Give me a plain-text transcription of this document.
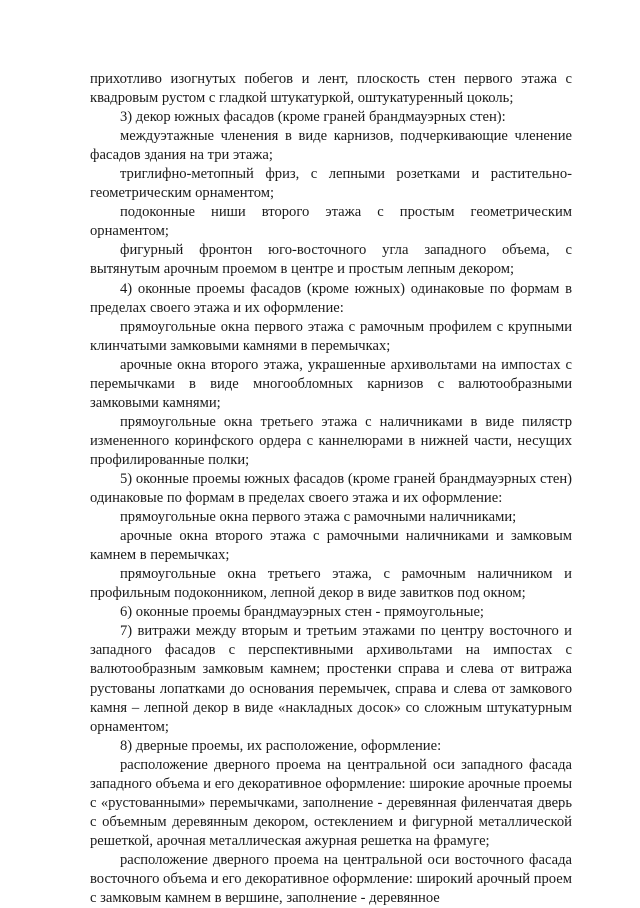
прихотливо изогнутых побегов и лент, плоскость стен первого этажа с квадровым рустом с гладкой штукатуркой, оштукатуренный цоколь;

3) декор южных фасадов (кроме граней брандмауэрных стен):

междуэтажные членения в виде карнизов, подчеркивающие членение фасадов здания на три этажа;

триглифно-метопный фриз, с лепными розетками и растительно-геометрическим орнаментом;

подоконные ниши второго этажа с простым геометрическим орнаментом;

фигурный фронтон юго-восточного угла западного объема, с вытянутым арочным проемом в центре и простым лепным декором;

4) оконные проемы фасадов (кроме южных) одинаковые по формам в пределах своего этажа и их оформление:

прямоугольные окна первого этажа с рамочным профилем с крупными клинчатыми замковыми камнями в перемычках;

арочные окна второго этажа, украшенные архивольтами на импостах с перемычками в виде многообломных карнизов с валютообразными замковыми камнями;

прямоугольные окна третьего этажа с наличниками в виде пилястр измененного коринфского ордера с каннелюрами в нижней части, несущих профилированные полки;

5) оконные проемы южных фасадов (кроме граней брандмауэрных стен) одинаковые по формам в пределах своего этажа и их оформление:

прямоугольные окна первого этажа с рамочными наличниками;

арочные окна второго этажа с рамочными наличниками и замковым камнем в перемычках;

прямоугольные окна третьего этажа, с рамочным наличником и профильным подоконником, лепной декор в виде завитков под окном;

6) оконные проемы брандмауэрных стен - прямоугольные;

7) витражи между вторым и третьим этажами по центру восточного и западного фасадов с перспективными архивольтами на импостах с валютообразным замковым камнем; простенки справа и слева от витража рустованы лопатками до основания перемычек, справа и слева от замкового камня – лепной декор в виде «накладных досок» со сложным штукатурным орнаментом;

8) дверные проемы, их расположение, оформление:

расположение дверного проема на центральной оси западного фасада западного объема и его декоративное оформление: широкие арочные проемы с «рустованными» перемычками, заполнение - деревянная филенчатая дверь с объемным деревянным декором, остеклением и фигурной металлической решеткой, арочная металлическая ажурная решетка на фрамуге;

расположение дверного проема на центральной оси восточного фасада восточного объема и его декоративное оформление: широкий арочный проем с замковым камнем в вершине, заполнение - деревянное
